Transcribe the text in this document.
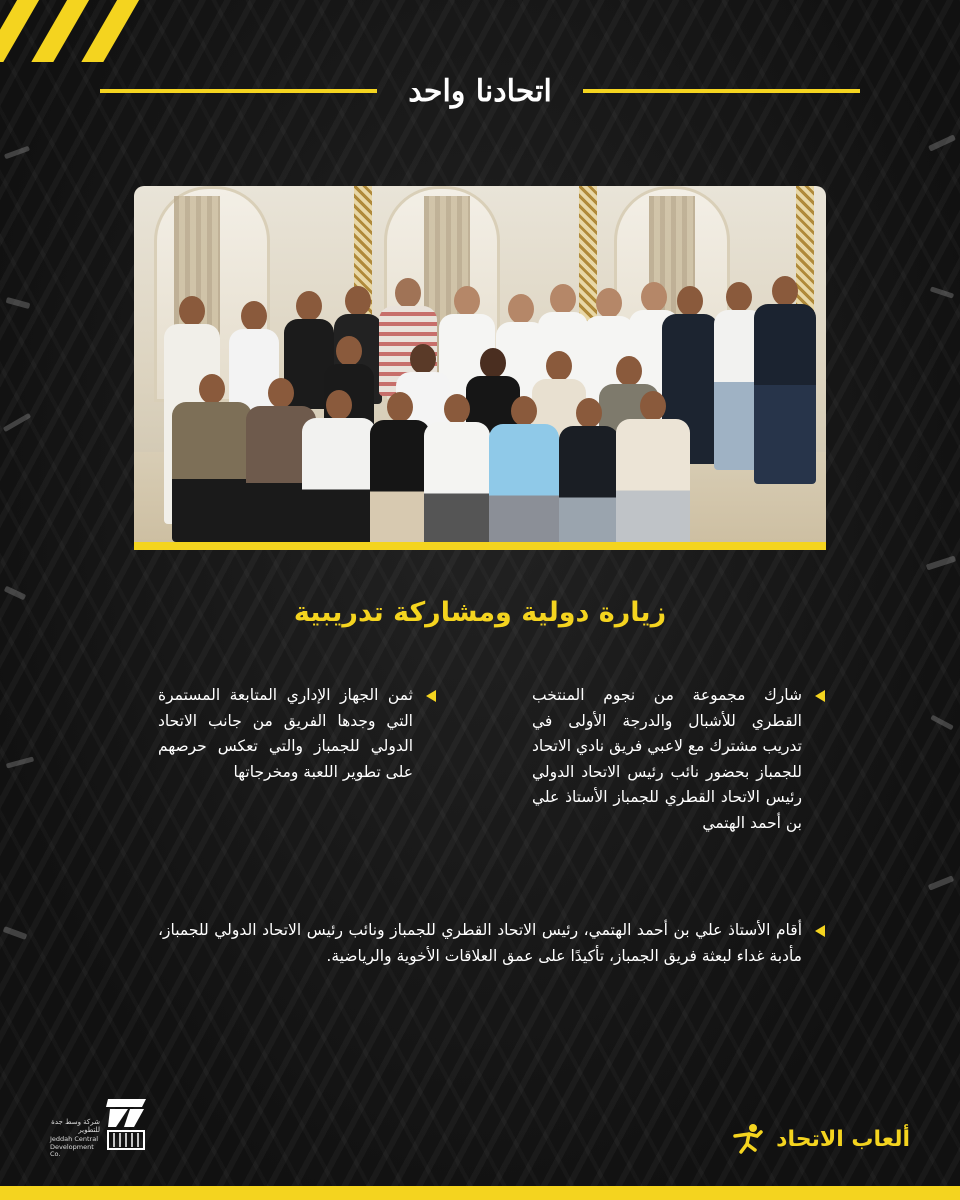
اتحادنا واحد
زيارة دولية ومشاركة تدريبية
شارك مجموعة من نجوم المنتخب القطري للأشبال والدرجة الأولى في تدريب مشترك مع لاعبي فريق نادي الاتحاد للجمباز بحضور نائب رئيس الاتحاد الدولي رئيس الاتحاد القطري للجمباز الأستاذ علي بن أحمد الهتمي
ثمن الجهاز الإداري المتابعة المستمرة التي وجدها الفريق من جانب الاتحاد الدولي للجمباز والتي تعكس حرصهم على تطوير اللعبة ومخرجاتها
أقام الأستاذ علي بن أحمد الهتمي، رئيس الاتحاد القطري للجمباز ونائب رئيس الاتحاد الدولي للجمباز، مأدبة غداء لبعثة فريق الجمباز، تأكيدًا على عمق العلاقات الأخوية والرياضية.
شركة وسط جدة للتطوير
Jeddah Central Development Co.
ألعاب الاتحاد
